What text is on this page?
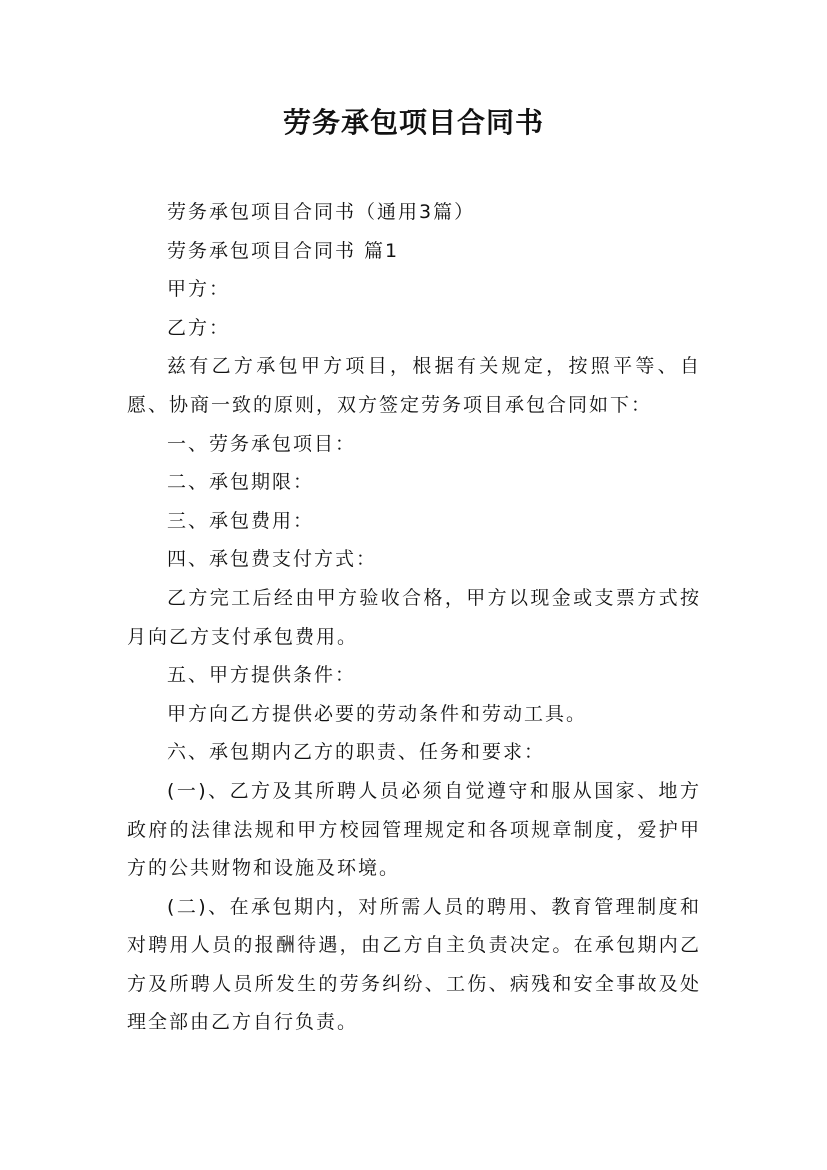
劳务承包项目合同书

劳务承包项目合同书（通用3篇）

劳务承包项目合同书 篇1

甲方：

乙方：

兹有乙方承包甲方项目，根据有关规定，按照平等、自愿、协商一致的原则，双方签定劳务项目承包合同如下：

一、劳务承包项目：

二、承包期限：

三、承包费用：

四、承包费支付方式：

乙方完工后经由甲方验收合格，甲方以现金或支票方式按月向乙方支付承包费用。

五、甲方提供条件：

甲方向乙方提供必要的劳动条件和劳动工具。

六、承包期内乙方的职责、任务和要求：

(一)、乙方及其所聘人员必须自觉遵守和服从国家、地方政府的法律法规和甲方校园管理规定和各项规章制度，爱护甲方的公共财物和设施及环境。

(二)、在承包期内，对所需人员的聘用、教育管理制度和对聘用人员的报酬待遇，由乙方自主负责决定。在承包期内乙方及所聘人员所发生的劳务纠纷、工伤、病残和安全事故及处理全部由乙方自行负责。
